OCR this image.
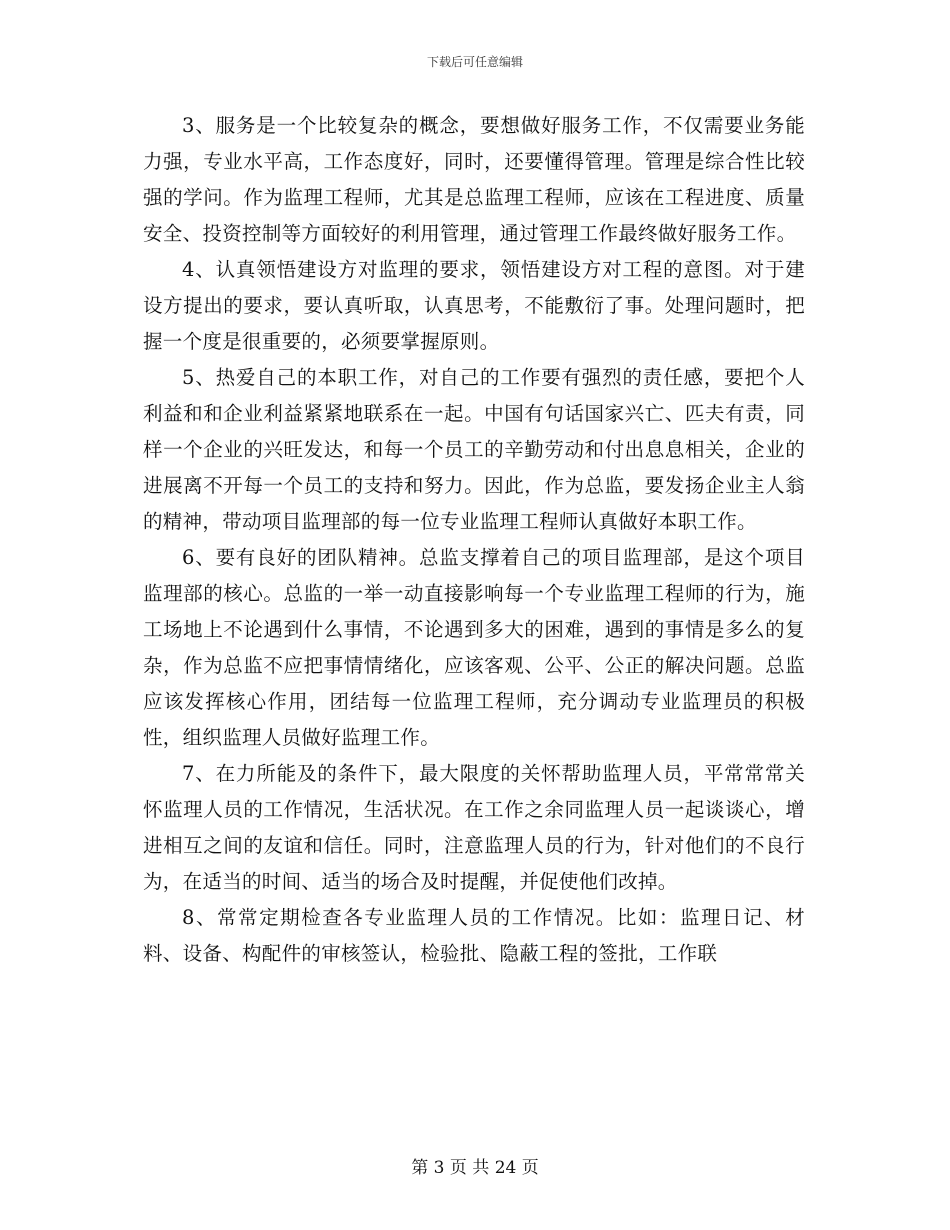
下载后可任意编辑

3、服务是一个比较复杂的概念，要想做好服务工作，不仅需要业务能力强，专业水平高，工作态度好，同时，还要懂得管理。管理是综合性比较强的学问。作为监理工程师，尤其是总监理工程师，应该在工程进度、质量安全、投资控制等方面较好的利用管理，通过管理工作最终做好服务工作。

4、认真领悟建设方对监理的要求，领悟建设方对工程的意图。对于建设方提出的要求，要认真听取，认真思考，不能敷衍了事。处理问题时，把握一个度是很重要的，必须要掌握原则。

5、热爱自己的本职工作，对自己的工作要有强烈的责任感，要把个人利益和和企业利益紧紧地联系在一起。中国有句话国家兴亡、匹夫有责，同样一个企业的兴旺发达，和每一个员工的辛勤劳动和付出息息相关，企业的进展离不开每一个员工的支持和努力。因此，作为总监，要发扬企业主人翁的精神，带动项目监理部的每一位专业监理工程师认真做好本职工作。

6、要有良好的团队精神。总监支撑着自己的项目监理部，是这个项目监理部的核心。总监的一举一动直接影响每一个专业监理工程师的行为，施工场地上不论遇到什么事情，不论遇到多大的困难，遇到的事情是多么的复杂，作为总监不应把事情情绪化，应该客观、公平、公正的解决问题。总监应该发挥核心作用，团结每一位监理工程师，充分调动专业监理员的积极性，组织监理人员做好监理工作。

7、在力所能及的条件下，最大限度的关怀帮助监理人员，平常常常关怀监理人员的工作情况，生活状况。在工作之余同监理人员一起谈谈心，增进相互之间的友谊和信任。同时，注意监理人员的行为，针对他们的不良行为，在适当的时间、适当的场合及时提醒，并促使他们改掉。

8、常常定期检查各专业监理人员的工作情况。比如：监理日记、材料、设备、构配件的审核签认，检验批、隐蔽工程的签批，工作联

第 3 页 共 24 页
